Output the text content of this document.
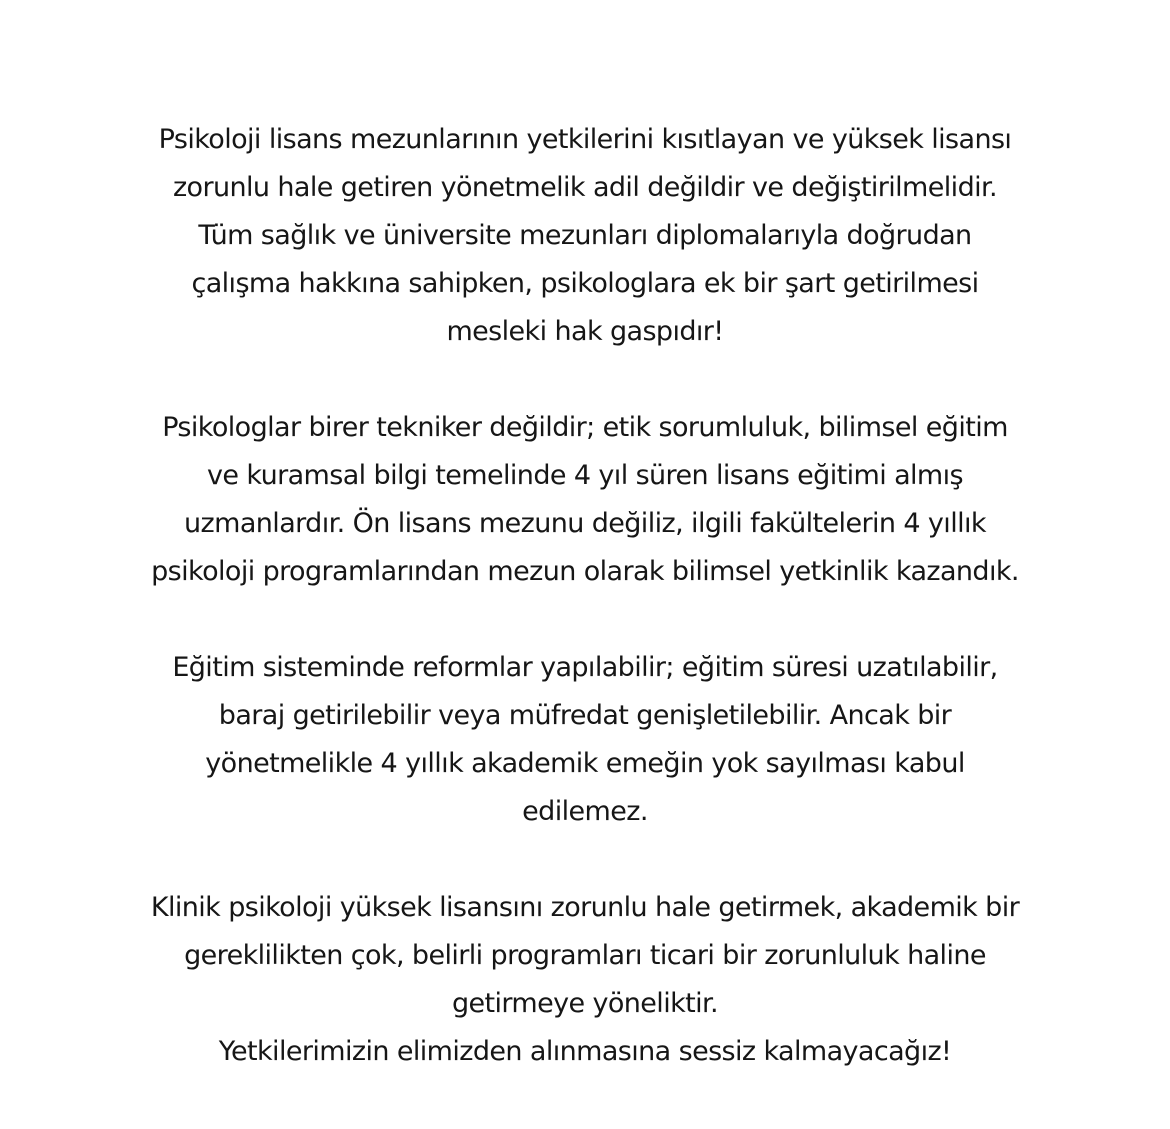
Psikoloji lisans mezunlarının yetkilerini kısıtlayan ve yüksek lisansı
zorunlu hale getiren yönetmelik adil değildir ve değiştirilmelidir.
Tüm sağlık ve üniversite mezunları diplomalarıyla doğrudan
çalışma hakkına sahipken, psikologlara ek bir şart getirilmesi
mesleki hak gaspıdır!

Psikologlar birer tekniker değildir; etik sorumluluk, bilimsel eğitim
ve kuramsal bilgi temelinde 4 yıl süren lisans eğitimi almış
uzmanlardır. Ön lisans mezunu değiliz, ilgili fakültelerin 4 yıllık
psikoloji programlarından mezun olarak bilimsel yetkinlik kazandık.

Eğitim sisteminde reformlar yapılabilir; eğitim süresi uzatılabilir,
baraj getirilebilir veya müfredat genişletilebilir. Ancak bir
yönetmelikle 4 yıllık akademik emeğin yok sayılması kabul
edilemez.

Klinik psikoloji yüksek lisansını zorunlu hale getirmek, akademik bir
gereklilikten çok, belirli programları ticari bir zorunluluk haline
getirmeye yöneliktir.
Yetkilerimizin elimizden alınmasına sessiz kalmayacağız!
